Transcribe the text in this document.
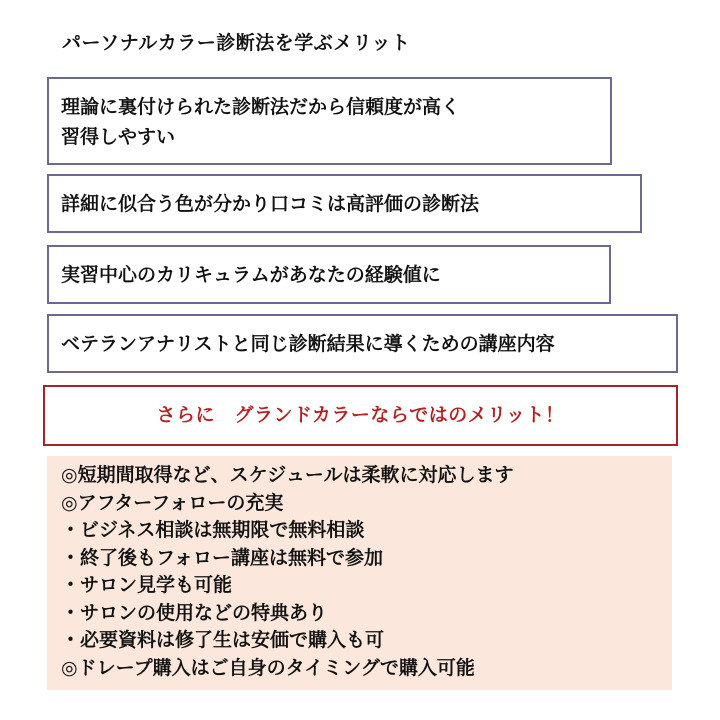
パーソナルカラー診断法を学ぶメリット
理論に裏付けられた診断法だから信頼度が高く
習得しやすい
詳細に似合う色が分かり口コミは高評価の診断法
実習中心のカリキュラムがあなたの経験値に
ベテランアナリストと同じ診断結果に導くための講座内容
さらに　グランドカラーならではのメリット！
◎短期間取得など、スケジュールは柔軟に対応します
◎アフターフォローの充実
・ビジネス相談は無期限で無料相談
・終了後もフォロー講座は無料で参加
・サロン見学も可能
・サロンの使用などの特典あり
・必要資料は修了生は安価で購入も可
◎ドレープ購入はご自身のタイミングで購入可能
